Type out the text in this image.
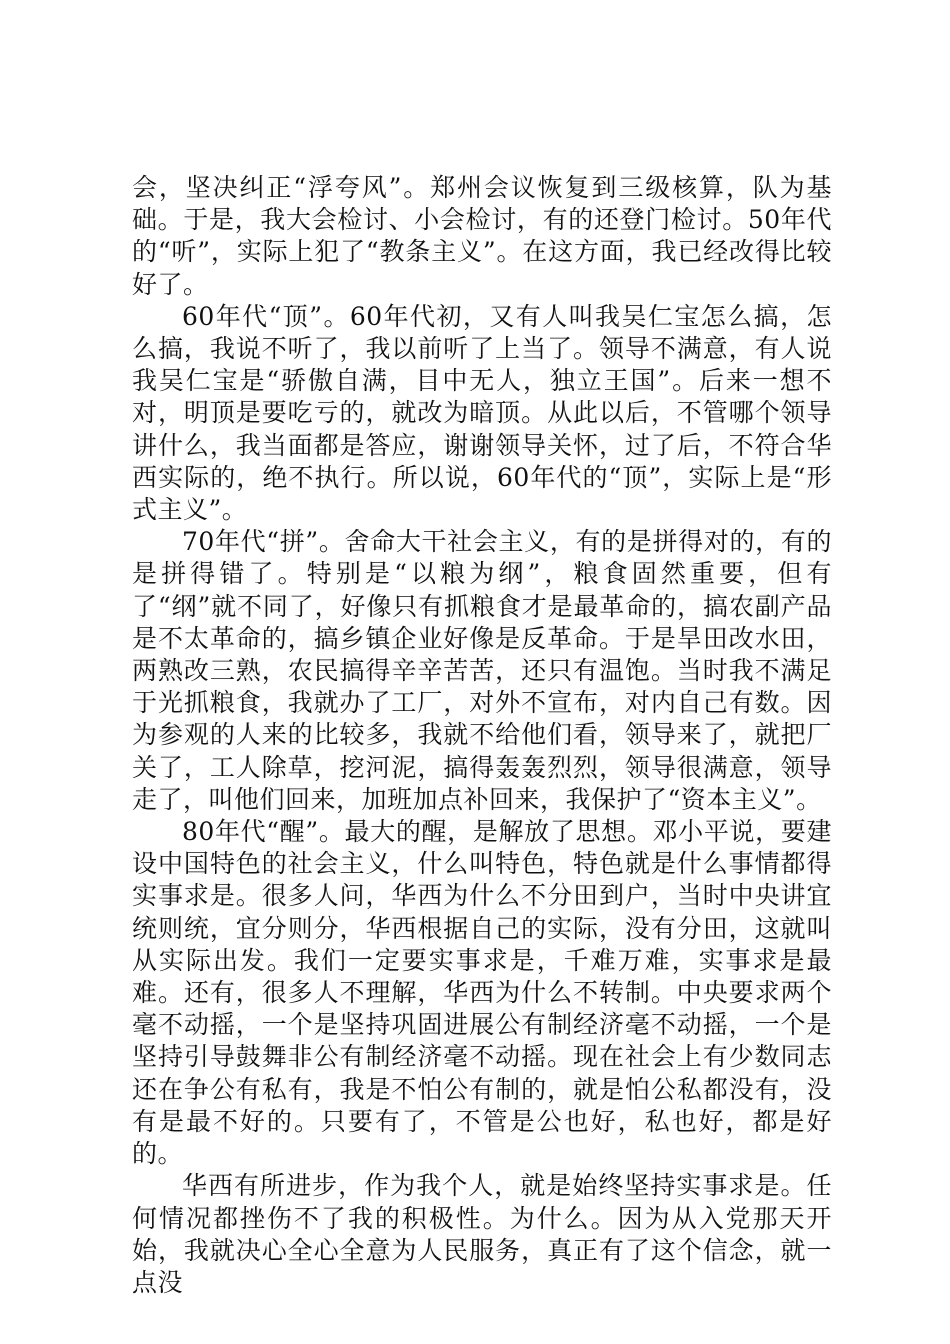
会，坚决纠正“浮夸风”。郑州会议恢复到三级核算，队为基础。于是，我大会检讨、小会检讨，有的还登门检讨。50年代的“听”，实际上犯了“教条主义”。在这方面，我已经改得比较好了。

60年代“顶”。60年代初，又有人叫我吴仁宝怎么搞，怎么搞，我说不听了，我以前听了上当了。领导不满意，有人说我吴仁宝是“骄傲自满，目中无人，独立王国”。后来一想不对，明顶是要吃亏的，就改为暗顶。从此以后，不管哪个领导讲什么，我当面都是答应，谢谢领导关怀，过了后，不符合华西实际的，绝不执行。所以说，60年代的“顶”，实际上是“形式主义”。

70年代“拼”。舍命大干社会主义，有的是拼得对的，有的是拼得错了。特别是“以粮为纲”，粮食固然重要，但有了“纲”就不同了，好像只有抓粮食才是最革命的，搞农副产品是不太革命的，搞乡镇企业好像是反革命。于是旱田改水田，两熟改三熟，农民搞得辛辛苦苦，还只有温饱。当时我不满足于光抓粮食，我就办了工厂，对外不宣布，对内自己有数。因为参观的人来的比较多，我就不给他们看，领导来了，就把厂关了，工人除草，挖河泥，搞得轰轰烈烈，领导很满意，领导走了，叫他们回来，加班加点补回来，我保护了“资本主义”。

80年代“醒”。最大的醒，是解放了思想。邓小平说，要建设中国特色的社会主义，什么叫特色，特色就是什么事情都得实事求是。很多人问，华西为什么不分田到户，当时中央讲宜统则统，宜分则分，华西根据自己的实际，没有分田，这就叫从实际出发。我们一定要实事求是，千难万难，实事求是最难。还有，很多人不理解，华西为什么不转制。中央要求两个毫不动摇，一个是坚持巩固进展公有制经济毫不动摇，一个是坚持引导鼓舞非公有制经济毫不动摇。现在社会上有少数同志还在争公有私有，我是不怕公有制的，就是怕公私都没有，没有是最不好的。只要有了，不管是公也好，私也好，都是好的。

华西有所进步，作为我个人，就是始终坚持实事求是。任何情况都挫伤不了我的积极性。为什么。因为从入党那天开始，我就决心全心全意为人民服务，真正有了这个信念，就一点没
